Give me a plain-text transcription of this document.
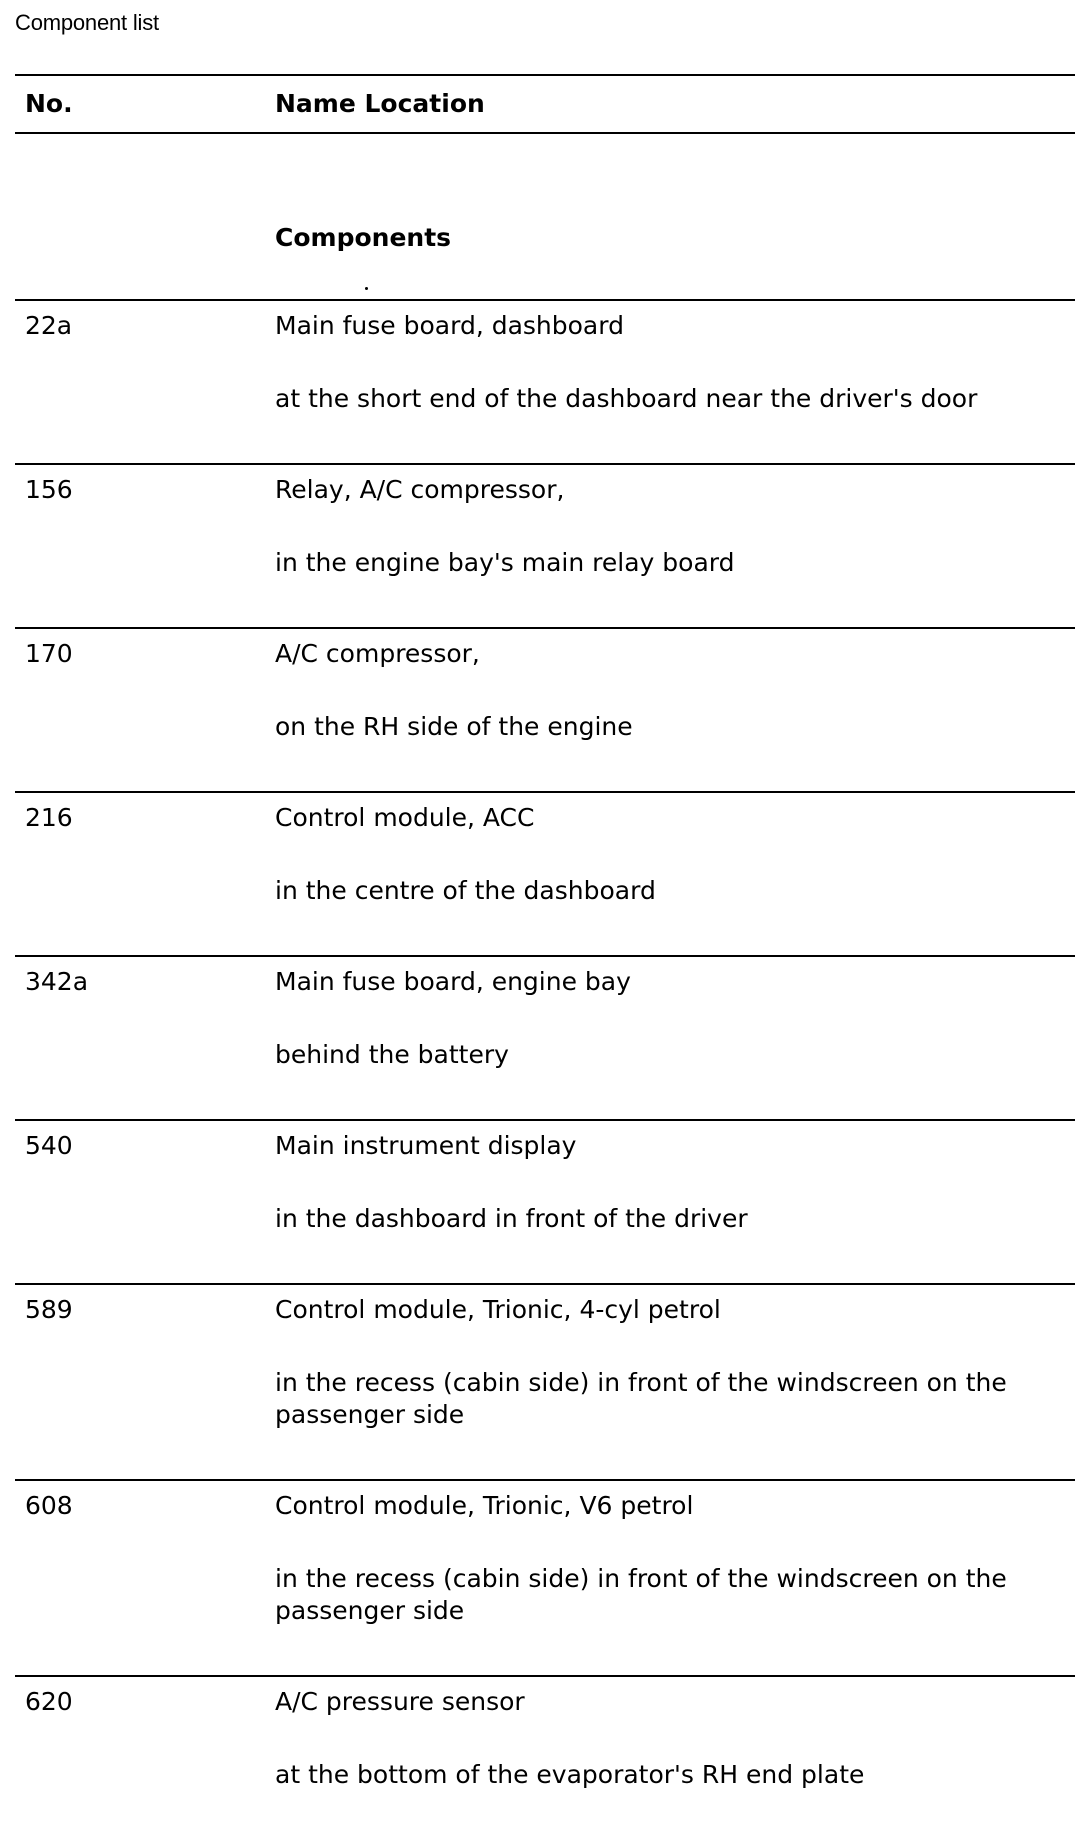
Component list
No.	Name Location
Components
22a	Main fuse board, dashboard
at the short end of the dashboard near the driver's door
156	Relay, A/C compressor,
in the engine bay's main relay board
170	A/C compressor,
on the RH side of the engine
216	Control module, ACC
in the centre of the dashboard
342a	Main fuse board, engine bay
behind the battery
540	Main instrument display
in the dashboard in front of the driver
589	Control module, Trionic, 4-cyl petrol
in the recess (cabin side) in front of the windscreen on the passenger side
608	Control module, Trionic, V6 petrol
in the recess (cabin side) in front of the windscreen on the passenger side
620	A/C pressure sensor
at the bottom of the evaporator's RH end plate
